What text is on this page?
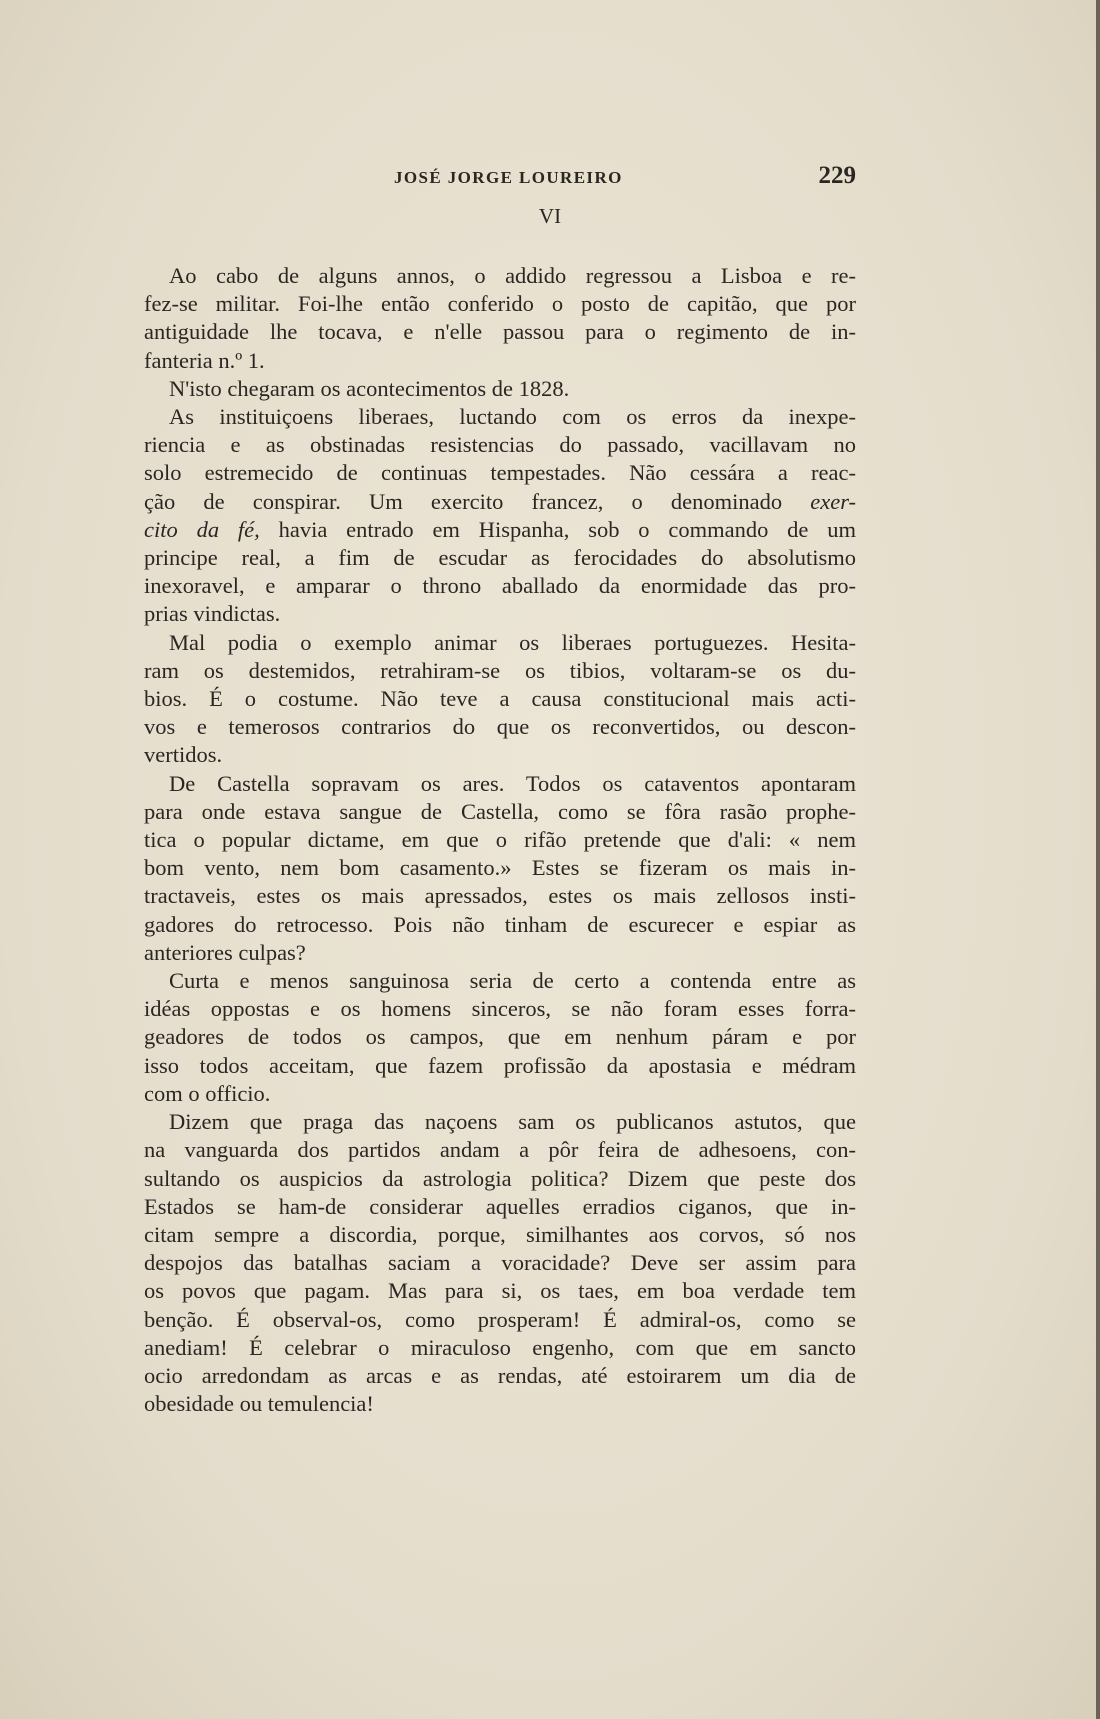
JOSÉ JORGE LOUREIRO	229
VI
Ao cabo de alguns annos, o addido regressou a Lisboa e re-
fez-se militar. Foi-lhe então conferido o posto de capitão, que por
antiguidade lhe tocava, e n'elle passou para o regimento de in-
fanteria n.º 1.
N'isto chegaram os acontecimentos de 1828.
As instituiçoens liberaes, luctando com os erros da inexpe-
riencia e as obstinadas resistencias do passado, vacillavam no
solo estremecido de continuas tempestades. Não cessára a reac-
ção de conspirar. Um exercito francez, o denominado exer-
cito da fé, havia entrado em Hispanha, sob o commando de um
principe real, a fim de escudar as ferocidades do absolutismo
inexoravel, e amparar o throno aballado da enormidade das pro-
prias vindictas.
Mal podia o exemplo animar os liberaes portuguezes. Hesita-
ram os destemidos, retrahiram-se os tibios, voltaram-se os du-
bios. É o costume. Não teve a causa constitucional mais acti-
vos e temerosos contrarios do que os reconvertidos, ou descon-
vertidos.
De Castella sopravam os ares. Todos os cataventos apontaram
para onde estava sangue de Castella, como se fôra rasão prophe-
tica o popular dictame, em que o rifão pretende que d'ali: « nem
bom vento, nem bom casamento.» Estes se fizeram os mais in-
tractaveis, estes os mais apressados, estes os mais zellosos insti-
gadores do retrocesso. Pois não tinham de escurecer e espiar as
anteriores culpas?
Curta e menos sanguinosa seria de certo a contenda entre as
idéas oppostas e os homens sinceros, se não foram esses forra-
geadores de todos os campos, que em nenhum páram e por
isso todos acceitam, que fazem profissão da apostasia e médram
com o officio.
Dizem que praga das naçoens sam os publicanos astutos, que
na vanguarda dos partidos andam a pôr feira de adhesoens, con-
sultando os auspicios da astrologia politica? Dizem que peste dos
Estados se ham-de considerar aquelles erradios ciganos, que in-
citam sempre a discordia, porque, similhantes aos corvos, só nos
despojos das batalhas saciam a voracidade? Deve ser assim para
os povos que pagam. Mas para si, os taes, em boa verdade tem
benção. É observal-os, como prosperam! É admiral-os, como se
anediam! É celebrar o miraculoso engenho, com que em sancto
ocio arredondam as arcas e as rendas, até estoirarem um dia de
obesidade ou temulencia!
